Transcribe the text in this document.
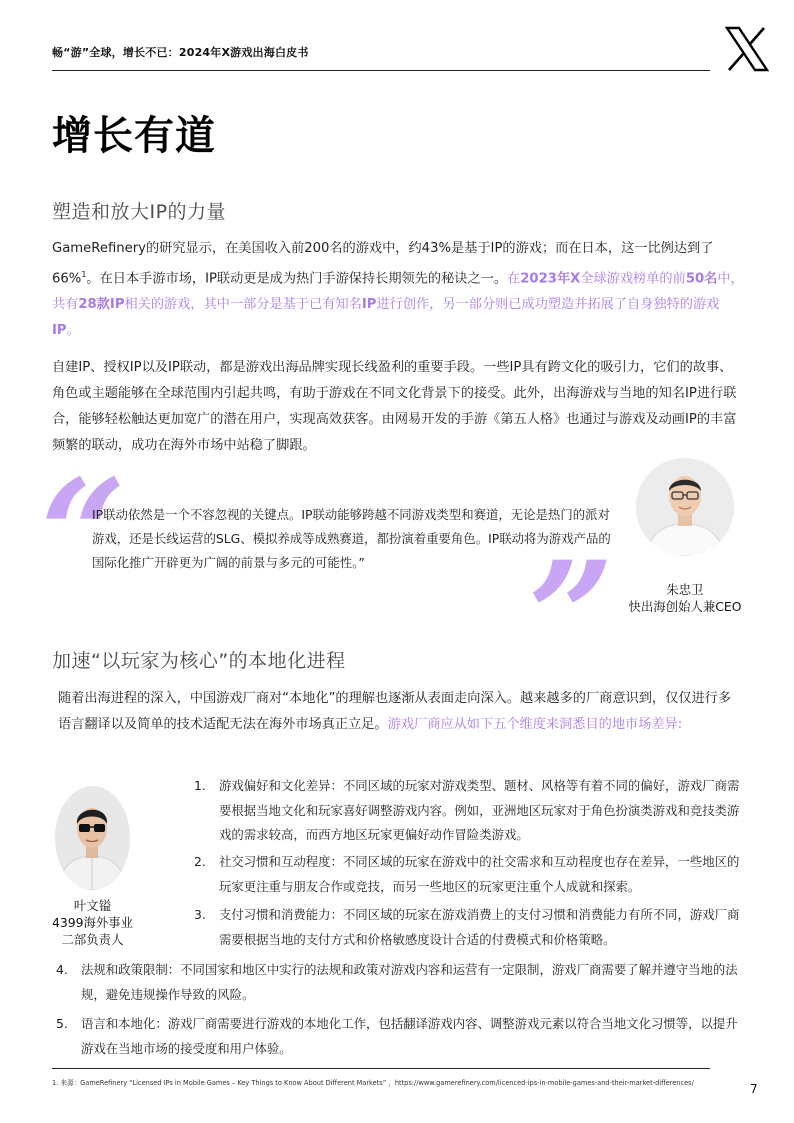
畅“游”全球，增长不已：2024年X游戏出海白皮书
增长有道
塑造和放大IP的力量
GameRefinery的研究显示，在美国收入前200名的游戏中，约43%是基于IP的游戏；而在日本，这一比例达到了66%$^1$。在日本手游市场，IP联动更是成为热门手游保持长期领先的秘诀之一。在2023年X全球游戏榜单的前50名中，共有28款IP相关的游戏，其中一部分是基于已有知名IP进行创作，另一部分则已成功塑造并拓展了自身独特的游戏IP。
自建IP、授权IP以及IP联动，都是游戏出海品牌实现长线盈利的重要手段。一些IP具有跨文化的吸引力，它们的故事、角色或主题能够在全球范围内引起共鸣，有助于游戏在不同文化背景下的接受。此外，出海游戏与当地的知名IP进行联合，能够轻松触达更加宽广的潜在用户，实现高效获客。由网易开发的手游《第五人格》也通过与游戏及动画IP的丰富频繁的联动，成功在海外市场中站稳了脚跟。
“
IP联动依然是一个不容忽视的关键点。IP联动能够跨越不同游戏类型和赛道，无论是热门的派对游戏，还是长线运营的SLG、模拟养成等成熟赛道，都扮演着重要角色。IP联动将为游戏产品的国际化推广开辟更为广阔的前景与多元的可能性。”	”	朱忠卫
快出海创始人兼CEO
加速“以玩家为核心”的本地化进程
随着出海进程的深入，中国游戏厂商对“本地化”的理解也逐渐从表面走向深入。越来越多的厂商意识到，仅仅进行多语言翻译以及简单的技术适配无法在海外市场真正立足。游戏厂商应从如下五个维度来洞悉目的地市场差异:
叶文镒
4399海外事业
二部负责人
1. 游戏偏好和文化差异：不同区域的玩家对游戏类型、题材、风格等有着不同的偏好，游戏厂商需要根据当地文化和玩家喜好调整游戏内容。例如，亚洲地区玩家对于角色扮演类游戏和竞技类游戏的需求较高，而西方地区玩家更偏好动作冒险类游戏。
2. 社交习惯和互动程度：不同区域的玩家在游戏中的社交需求和互动程度也存在差异，一些地区的玩家更注重与朋友合作或竞技，而另一些地区的玩家更注重个人成就和探索。
3. 支付习惯和消费能力：不同区域的玩家在游戏消费上的支付习惯和消费能力有所不同，游戏厂商需要根据当地的支付方式和价格敏感度设计合适的付费模式和价格策略。
4. 法规和政策限制：不同国家和地区中实行的法规和政策对游戏内容和运营有一定限制，游戏厂商需要了解并遵守当地的法规，避免违规操作导致的风险。
5. 语言和本地化：游戏厂商需要进行游戏的本地化工作，包括翻译游戏内容、调整游戏元素以符合当地文化习惯等，以提升游戏在当地市场的接受度和用户体验。
1. 来源：GameRefinery “Licensed IPs in Mobile Games – Key Things to Know About Different Markets” ，https://www.gamerefinery.com/licenced-ips-in-mobile-games-and-their-market-differences/	7
